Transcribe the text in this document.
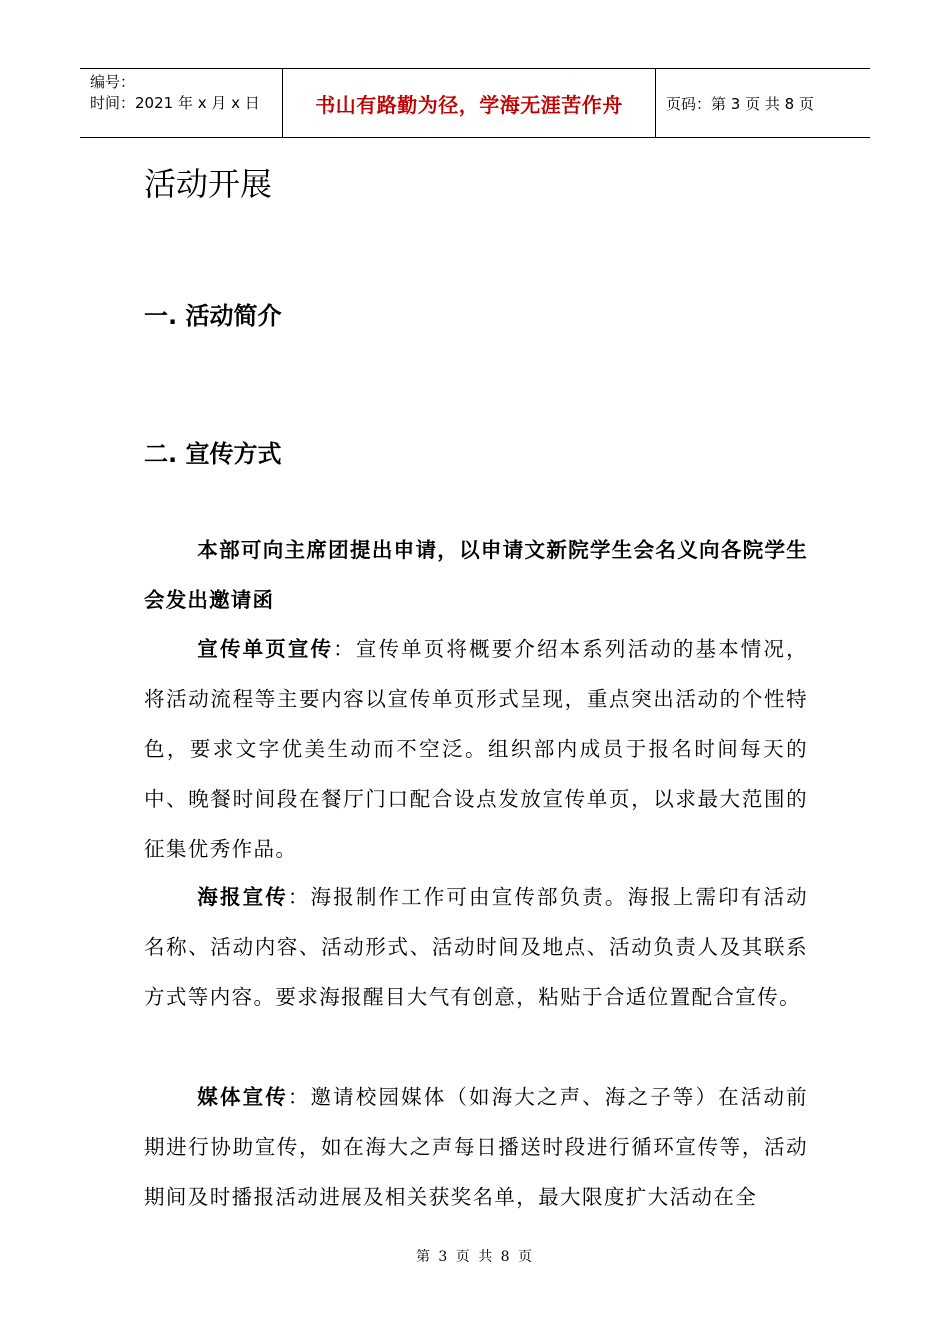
编号：
时间：2021 年 x 月 x 日	书山有路勤为径，学海无涯苦作舟	页码：第 3 页 共 8 页
活动开展
一. 活动简介
二. 宣传方式

本部可向主席团提出申请，以申请文新院学生会名义向各院学生会发出邀请函

宣传单页宣传：宣传单页将概要介绍本系列活动的基本情况，将活动流程等主要内容以宣传单页形式呈现，重点突出活动的个性特色，要求文字优美生动而不空泛。组织部内成员于报名时间每天的中、晚餐时间段在餐厅门口配合设点发放宣传单页，以求最大范围的征集优秀作品。

海报宣传：海报制作工作可由宣传部负责。海报上需印有活动名称、活动内容、活动形式、活动时间及地点、活动负责人及其联系方式等内容。要求海报醒目大气有创意，粘贴于合适位置配合宣传。

媒体宣传：邀请校园媒体（如海大之声、海之子等）在活动前期进行协助宣传，如在海大之声每日播送时段进行循环宣传等，活动期间及时播报活动进展及相关获奖名单，最大限度扩大活动在全

第 3 页 共 8 页
